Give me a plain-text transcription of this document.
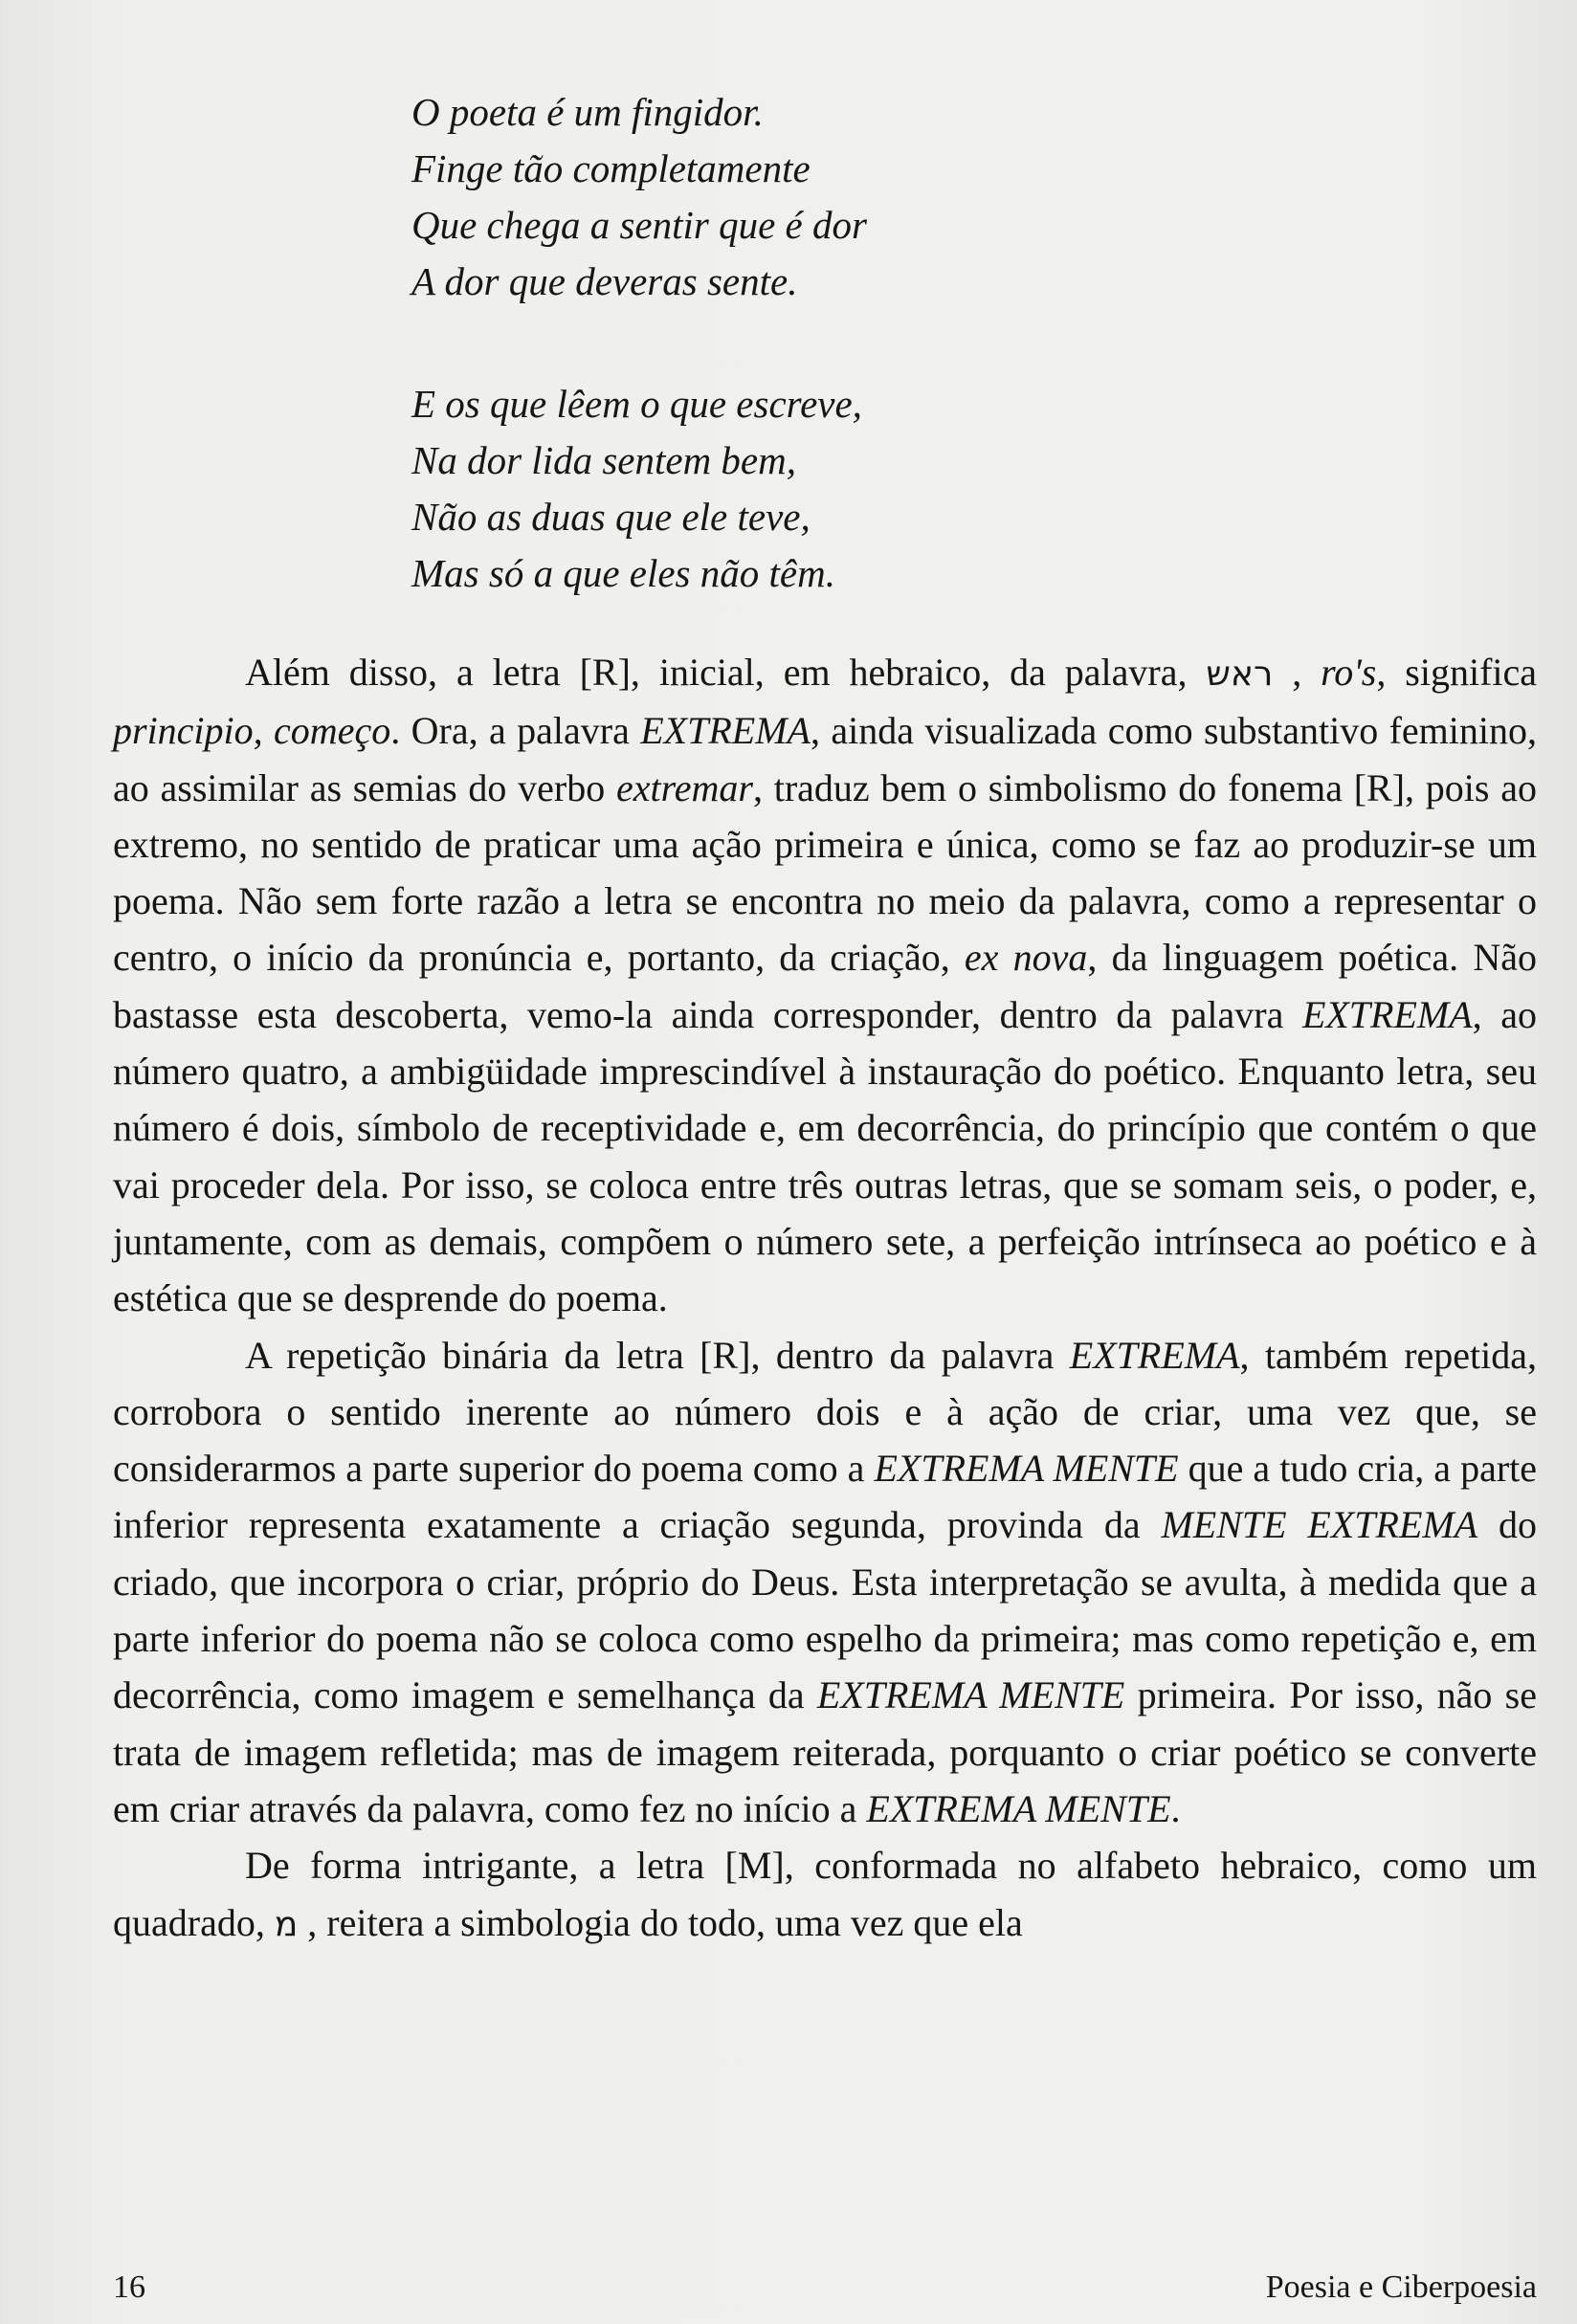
O poeta é um fingidor.
Finge tão completamente
Que chega a sentir que é dor
A dor que deveras sente.
E os que lêem o que escreve,
Na dor lida sentem bem,
Não as duas que ele teve,
Mas só a que eles não têm.

Além disso, a letra [R], inicial, em hebraico, da palavra, ראש , ro's, significa principio, começo. Ora, a palavra EXTREMA, ainda visualizada como substantivo feminino, ao assimilar as semias do verbo extremar, traduz bem o simbolismo do fonema [R], pois ao extremo, no sentido de praticar uma ação primeira e única, como se faz ao produzir-se um poema. Não sem forte razão a letra se encontra no meio da palavra, como a representar o centro, o início da pronúncia e, portanto, da criação, ex nova, da linguagem poética. Não bastasse esta descoberta, vemo-la ainda corresponder, dentro da palavra EXTREMA, ao número quatro, a ambigüidade imprescindível à instauração do poético. Enquanto letra, seu número é dois, símbolo de receptividade e, em decorrência, do princípio que contém o que vai proceder dela. Por isso, se coloca entre três outras letras, que se somam seis, o poder, e, juntamente, com as demais, compõem o número sete, a perfeição intrínseca ao poético e à estética que se desprende do poema.

A repetição binária da letra [R], dentro da palavra EXTREMA, também repetida, corrobora o sentido inerente ao número dois e à ação de criar, uma vez que, se considerarmos a parte superior do poema como a EXTREMA MENTE que a tudo cria, a parte inferior representa exatamente a criação segunda, provinda da MENTE EXTREMA do criado, que incorpora o criar, próprio do Deus. Esta interpretação se avulta, à medida que a parte inferior do poema não se coloca como espelho da primeira; mas como repetição e, em decorrência, como imagem e semelhança da EXTREMA MENTE primeira. Por isso, não se trata de imagem refletida; mas de imagem reiterada, porquanto o criar poético se converte em criar através da palavra, como fez no início a EXTREMA MENTE.

De forma intrigante, a letra [M], conformada no alfabeto hebraico, como um quadrado, מ , reitera a simbologia do todo, uma vez que ela

16	Poesia e Ciberpoesia
